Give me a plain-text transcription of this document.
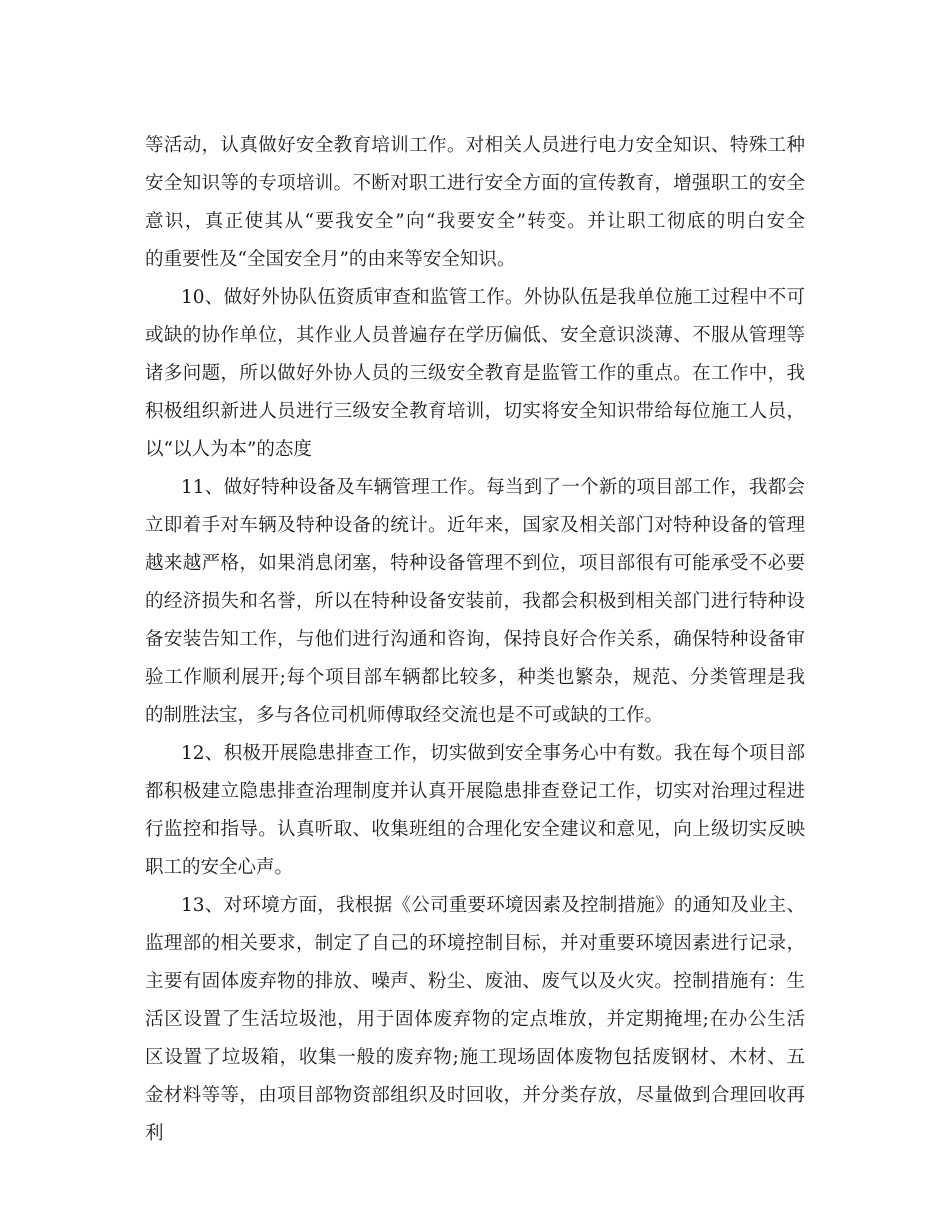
等活动，认真做好安全教育培训工作。对相关人员进行电力安全知识、特殊工种
安全知识等的专项培训。不断对职工进行安全方面的宣传教育，增强职工的安全
意识，真正使其从“要我安全”向“我要安全”转变。并让职工彻底的明白安全
的重要性及“全国安全月”的由来等安全知识。
10、做好外协队伍资质审查和监管工作。外协队伍是我单位施工过程中不可
或缺的协作单位，其作业人员普遍存在学历偏低、安全意识淡薄、不服从管理等
诸多问题，所以做好外协人员的三级安全教育是监管工作的重点。在工作中，我
积极组织新进人员进行三级安全教育培训，切实将安全知识带给每位施工人员，
以“以人为本”的态度
11、做好特种设备及车辆管理工作。每当到了一个新的项目部工作，我都会
立即着手对车辆及特种设备的统计。近年来，国家及相关部门对特种设备的管理
越来越严格，如果消息闭塞，特种设备管理不到位，项目部很有可能承受不必要
的经济损失和名誉，所以在特种设备安装前，我都会积极到相关部门进行特种设
备安装告知工作，与他们进行沟通和咨询，保持良好合作关系，确保特种设备审
验工作顺利展开;每个项目部车辆都比较多，种类也繁杂，规范、分类管理是我
的制胜法宝，多与各位司机师傅取经交流也是不可或缺的工作。
12、积极开展隐患排查工作，切实做到安全事务心中有数。我在每个项目部
都积极建立隐患排查治理制度并认真开展隐患排查登记工作，切实对治理过程进
行监控和指导。认真听取、收集班组的合理化安全建议和意见，向上级切实反映
职工的安全心声。
13、对环境方面，我根据《公司重要环境因素及控制措施》的通知及业主、
监理部的相关要求，制定了自己的环境控制目标，并对重要环境因素进行记录，
主要有固体废弃物的排放、噪声、粉尘、废油、废气以及火灾。控制措施有：生
活区设置了生活垃圾池，用于固体废弃物的定点堆放，并定期掩埋;在办公生活
区设置了垃圾箱，收集一般的废弃物;施工现场固体废物包括废钢材、木材、五
金材料等等，由项目部物资部组织及时回收，并分类存放，尽量做到合理回收再
利
